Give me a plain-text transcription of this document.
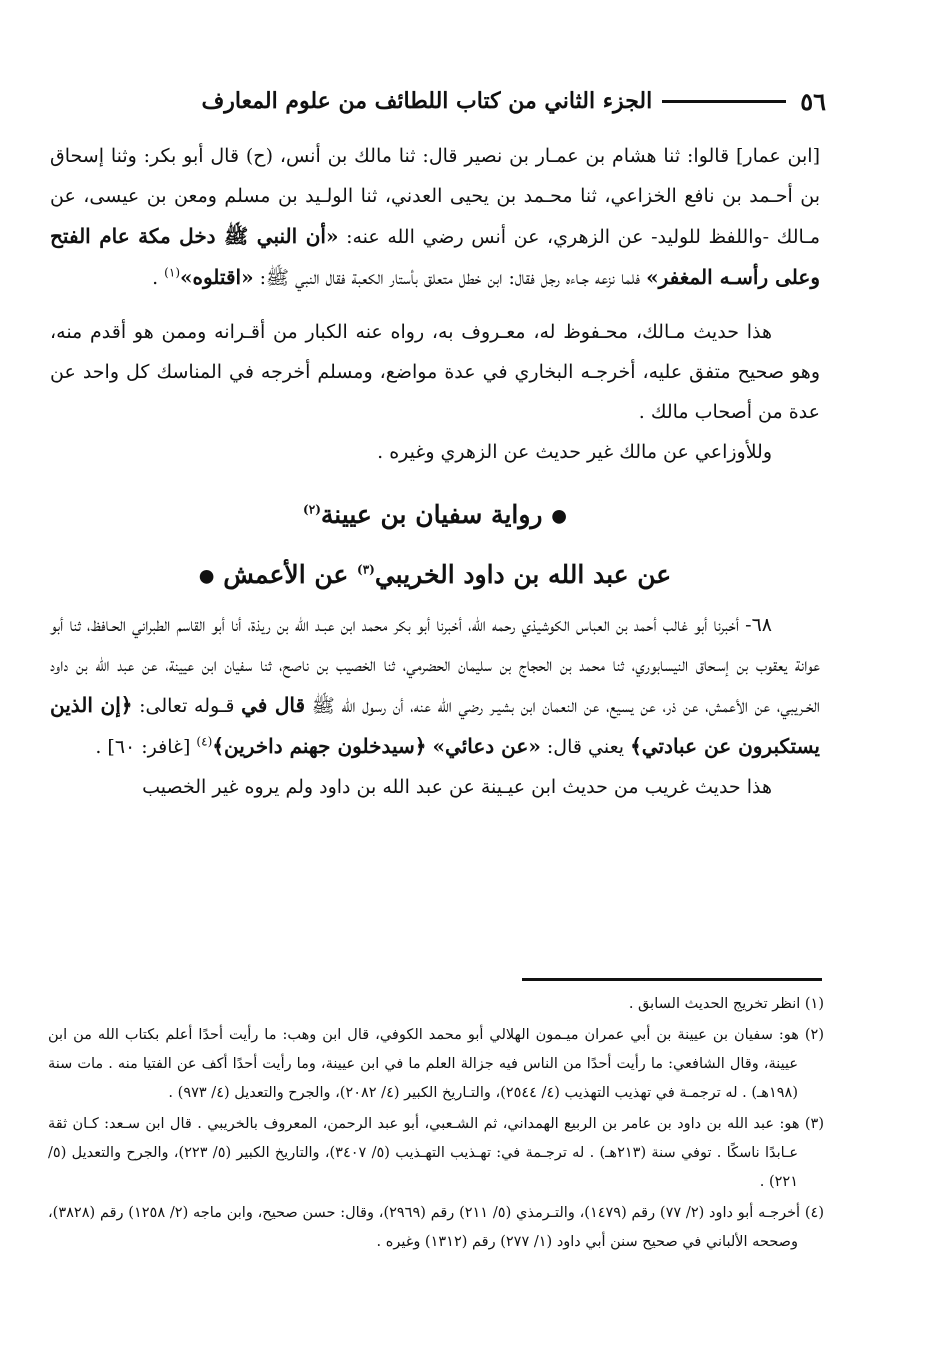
٥٦
الجزء الثاني من كتاب اللطائف من علوم المعارف

[ابن عمار] قالوا: ثنا هشام بن عمـار بن نصير قال: ثنا مالك بن أنس، (ح) قال أبو بكر: وثنا إسحاق بن أحـمد بن نافع الخزاعي، ثنا محـمد بن يحيى العدني، ثنا الولـيد بن مسلم ومعن بن عيسى، عن مـالك -واللفظ للوليد- عن الزهري، عن أنس رضي الله عنه: «أن النبي ﷺ دخل مكة عام الفتح وعلى رأسـه المغفر» فلما نزعه جـاءه رجل فقال: ابن خطل متعلق بأستار الكعبة فقال النبي ﷺ: «اقتلوه»$^{(١)}$ .

هذا حديث مـالك، محـفوظ له، معـروف به، رواه عنه الكبار من أقـرانه وممن هو أقدم منه، وهو صحيح متفق عليه، أخرجـه البخاري في عدة مواضع، ومسلم أخرجه في المناسك كل واحد عن عدة من أصحاب مالك .

وللأوزاعي عن مالك غير حديث عن الزهري وغيره .

● رواية سفيان بن عيينة$^{(٢)}$
عن عبد الله بن داود الخريبي$^{(٣)}$ عن الأعمش ●

٦٨- أخبرنا أبو غالب أحمد بن العباس الكوشيذي رحمه الله، أخبرنا أبو بكر محمد ابن عبـد الله بن ريذة، أنا أبو القاسم الطبراني الحـافظ، ثنا أبو عوانة يعقوب بن إسـحاق النيسابوري، ثنا محمد بن الحجاج بن سليمان الحضرمي، ثنا الخصيب بن ناصح، ثنا سفيان ابن عيينة، عن عبد الله بن داود الخـريبي، عن الأعمش، عن ذر، عن يسيع، عن النعمان ابن بشيـر رضي الله عنه، أن رسول الله ﷺ قال في قـوله تعالى: ﴿إن الذين يستكبرون عن عبادتي﴾ يعني قال: «عن دعائي» ﴿سيدخلون جهنم داخرين﴾$^{(٤)}$ [غافر: ٦٠] .

هذا حديث غريب من حديث ابن عيـينة عن عبد الله بن داود ولم يروه غير الخصيب

(١) انظر تخريج الحديث السابق .

(٢) هو: سفيان بن عيينة بن أبي عمران ميـمون الهلالي أبو محمد الكوفي، قال ابن وهب: ما رأيت أحدًا أعلم بكتاب الله من ابن عيينة، وقال الشافعي: ما رأيت أحدًا من الناس فيه جزالة العلم ما في ابن عيينة، وما رأيت أحدًا أكف عن الفتيا منه . مات سنة (١٩٨هـ) . له ترجمـة في تهذيب التهذيب (٤/ ٢٥٤٤)، والتـاريخ الكبير (٤/ ٢٠٨٢)، والجرح والتعديل (٤/ ٩٧٣) .

(٣) هو: عبد الله بن داود بن عامر بن الربيع الهمداني، ثم الشـعبي، أبو عبد الرحمن، المعروف بالخريبي . قال ابن سـعد: كـان ثقة عـابدًا ناسكًا . توفي سنة (٢١٣هـ) . له ترجـمة في: تهـذيب التهـذيب (٥/ ٣٤٠٧)، والتاريخ الكبير (٥/ ٢٢٣)، والجرح والتعديل (٥/ ٢٢١) .

(٤) أخرجـه أبو داود (٢/ ٧٧) رقم (١٤٧٩)، والتـرمذي (٥/ ٢١١) رقم (٢٩٦٩)، وقال: حسن صحيح، وابن ماجه (٢/ ١٢٥٨) رقم (٣٨٢٨)، وصححه الألباني في صحيح سنن أبي داود (١/ ٢٧٧) رقم (١٣١٢) وغيره .
